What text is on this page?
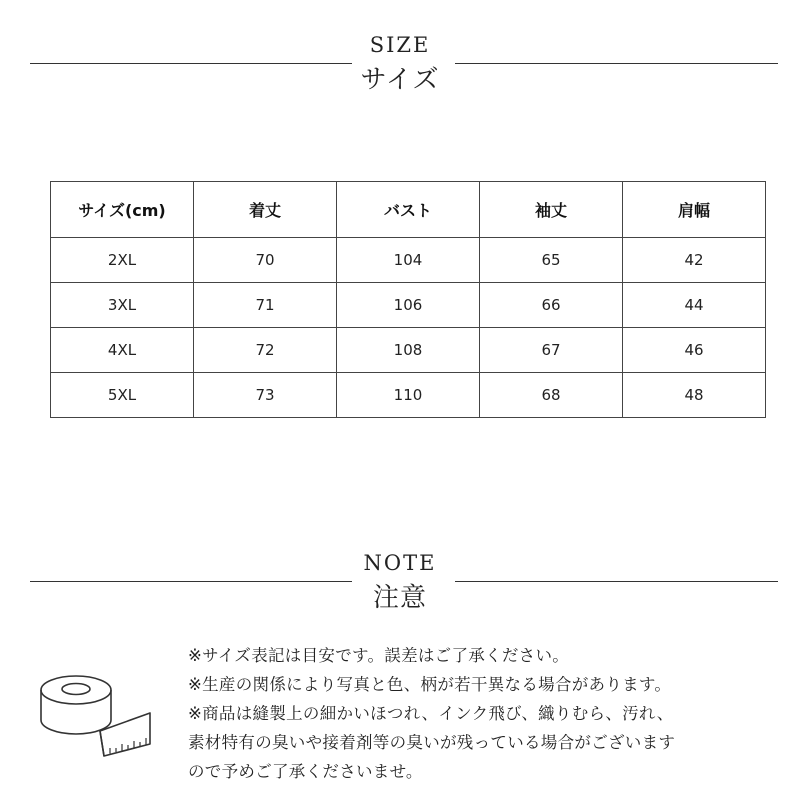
SIZE
サイズ
サイズ(cm)	着丈	バスト	袖丈	肩幅
2XL	70	104	65	42
3XL	71	106	66	44
4XL	72	108	67	46
5XL	73	110	68	48
NOTE
注意
※サイズ表記は目安です。誤差はご了承ください。
※生産の関係により写真と色、柄が若干異なる場合があります。
※商品は縫製上の細かいほつれ、インク飛び、織りむら、汚れ、
素材特有の臭いや接着剤等の臭いが残っている場合がございます
ので予めご了承くださいませ。
